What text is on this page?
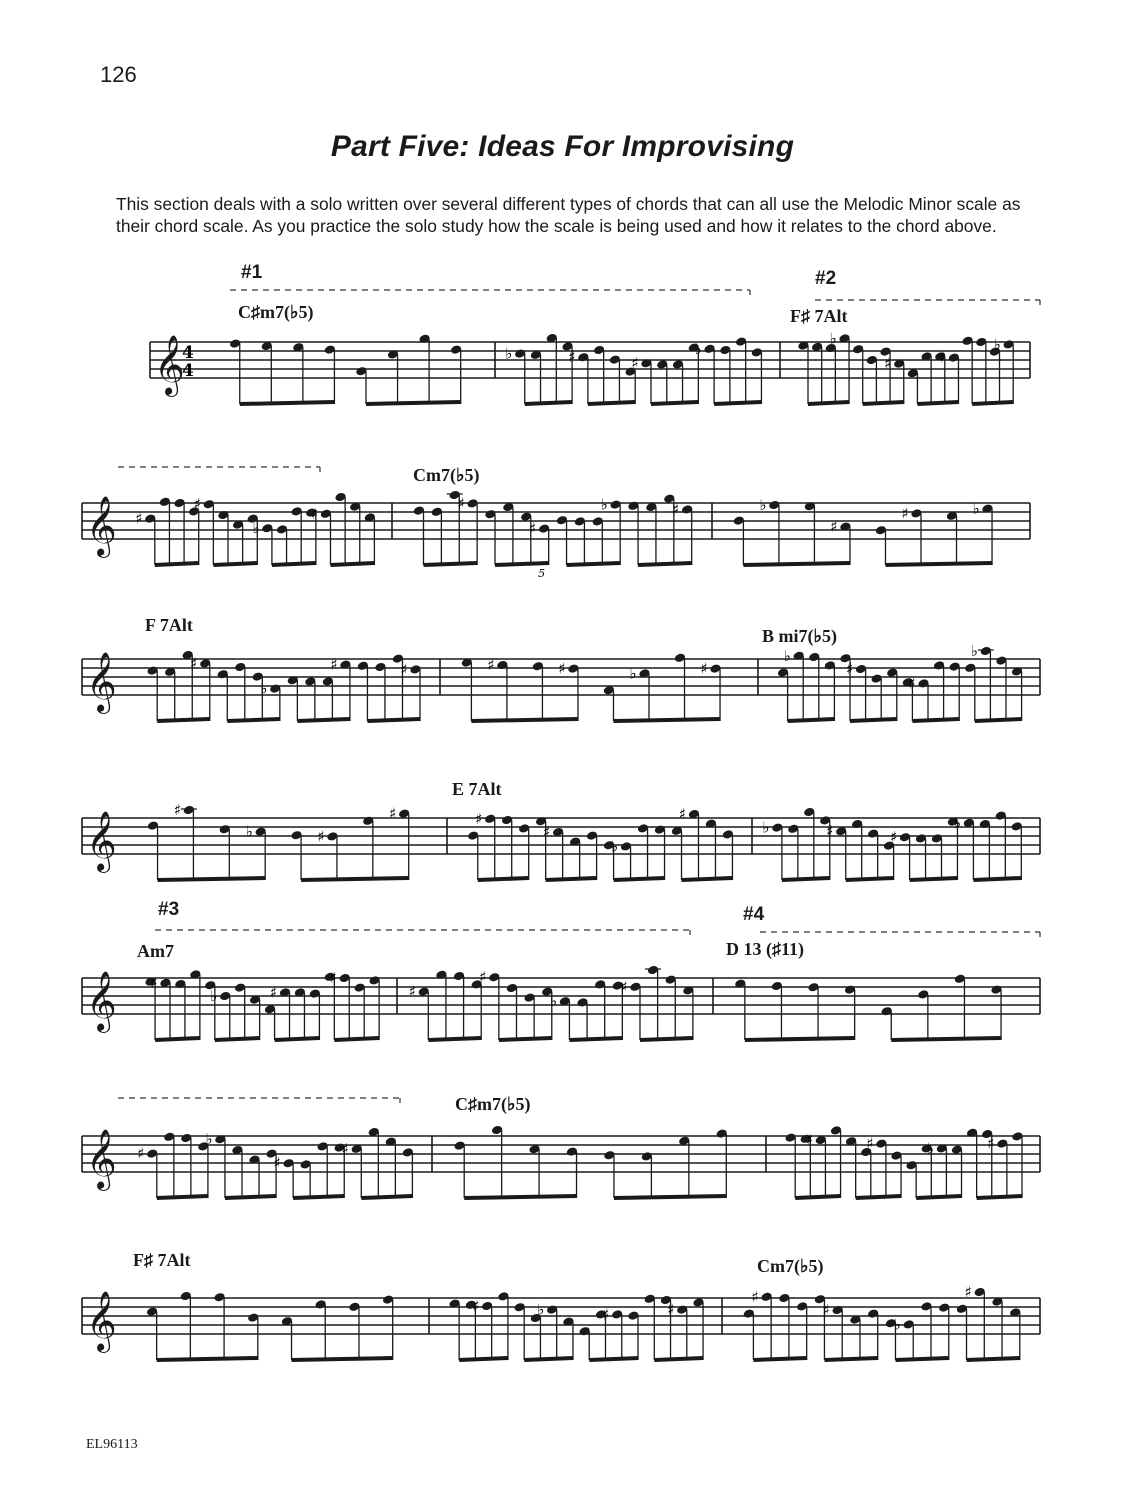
126
Part Five: Ideas For Improvising

This section deals with a solo written over several different types of chords that can all use the Melodic Minor scale as their chord scale. As you practice the solo study how the scale is being used and how it relates to the chord above.

#1	#2
#3	#4
C♯m7(♭5)	F♯ 7Alt
Cm7(♭5)
F 7Alt
B mi7(♭5)
E 7Alt
Am7	D 13 (♯11)
C♯m7(♭5)
F♯ 7Alt	Cm7(♭5)
𝄞
4
4
♭	♯	♯
♭
♭
♯	♯
♭
𝄞 ♯
♯
♭
♯
♯
♯
♭	♯
5
♭
♯
♯	♭
𝄞	♯
♭
♯	♯	♯	♯	♭	♯
♭
♯
♯
♭
𝄞
♯
♭	♯
♯	♯
♯
♭
♯
♭	♯	♯
♭
𝄞 ♯
♭	♯
♯
♯
♯
♭
♯
𝄞 ♯
♭
♯
♯	♯	♯	♭	♯
𝄞	♯	♭	♯	♯
♯
♯
♭
♯
EL96113
